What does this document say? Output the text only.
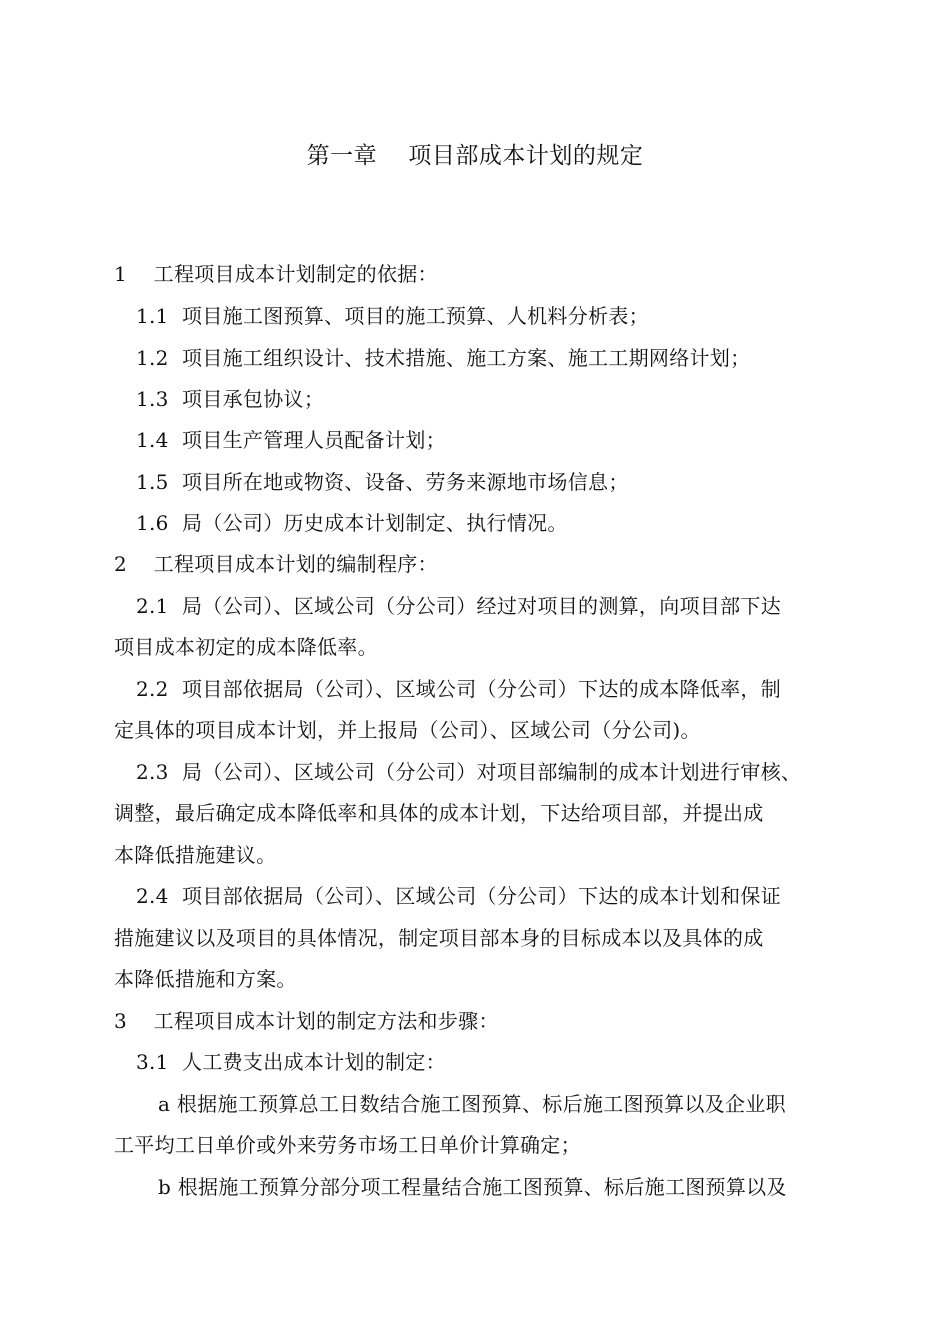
第一章    项目部成本计划的规定
1    工程项目成本计划制定的依据：
1.1  项目施工图预算、项目的施工预算、人机料分析表；
1.2  项目施工组织设计、技术措施、施工方案、施工工期网络计划；
1.3  项目承包协议；
1.4  项目生产管理人员配备计划；
1.5  项目所在地或物资、设备、劳务来源地市场信息；
1.6  局（公司）历史成本计划制定、执行情况。
2    工程项目成本计划的编制程序：
2.1  局（公司）、区域公司（分公司）经过对项目的测算，向项目部下达
项目成本初定的成本降低率。
2.2  项目部依据局（公司）、区域公司（分公司）下达的成本降低率，制
定具体的项目成本计划，并上报局（公司）、区域公司（分公司)。
2.3  局（公司）、区域公司（分公司）对项目部编制的成本计划进行审核、
调整，最后确定成本降低率和具体的成本计划，下达给项目部，并提出成
本降低措施建议。
2.4  项目部依据局（公司）、区域公司（分公司）下达的成本计划和保证
措施建议以及项目的具体情况，制定项目部本身的目标成本以及具体的成
本降低措施和方案。
3    工程项目成本计划的制定方法和步骤：
3.1  人工费支出成本计划的制定：
a 根据施工预算总工日数结合施工图预算、标后施工图预算以及企业职
工平均工日单价或外来劳务市场工日单价计算确定；
b 根据施工预算分部分项工程量结合施工图预算、标后施工图预算以及
